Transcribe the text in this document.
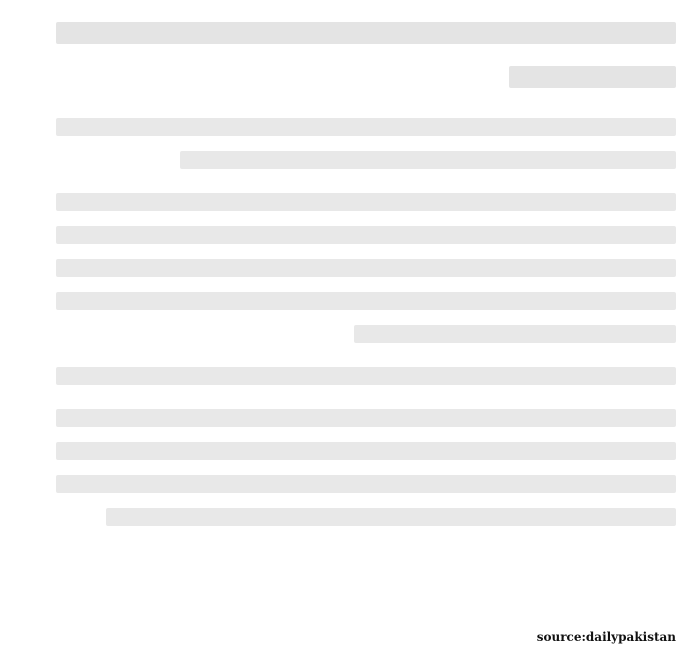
source:dailypakistan
